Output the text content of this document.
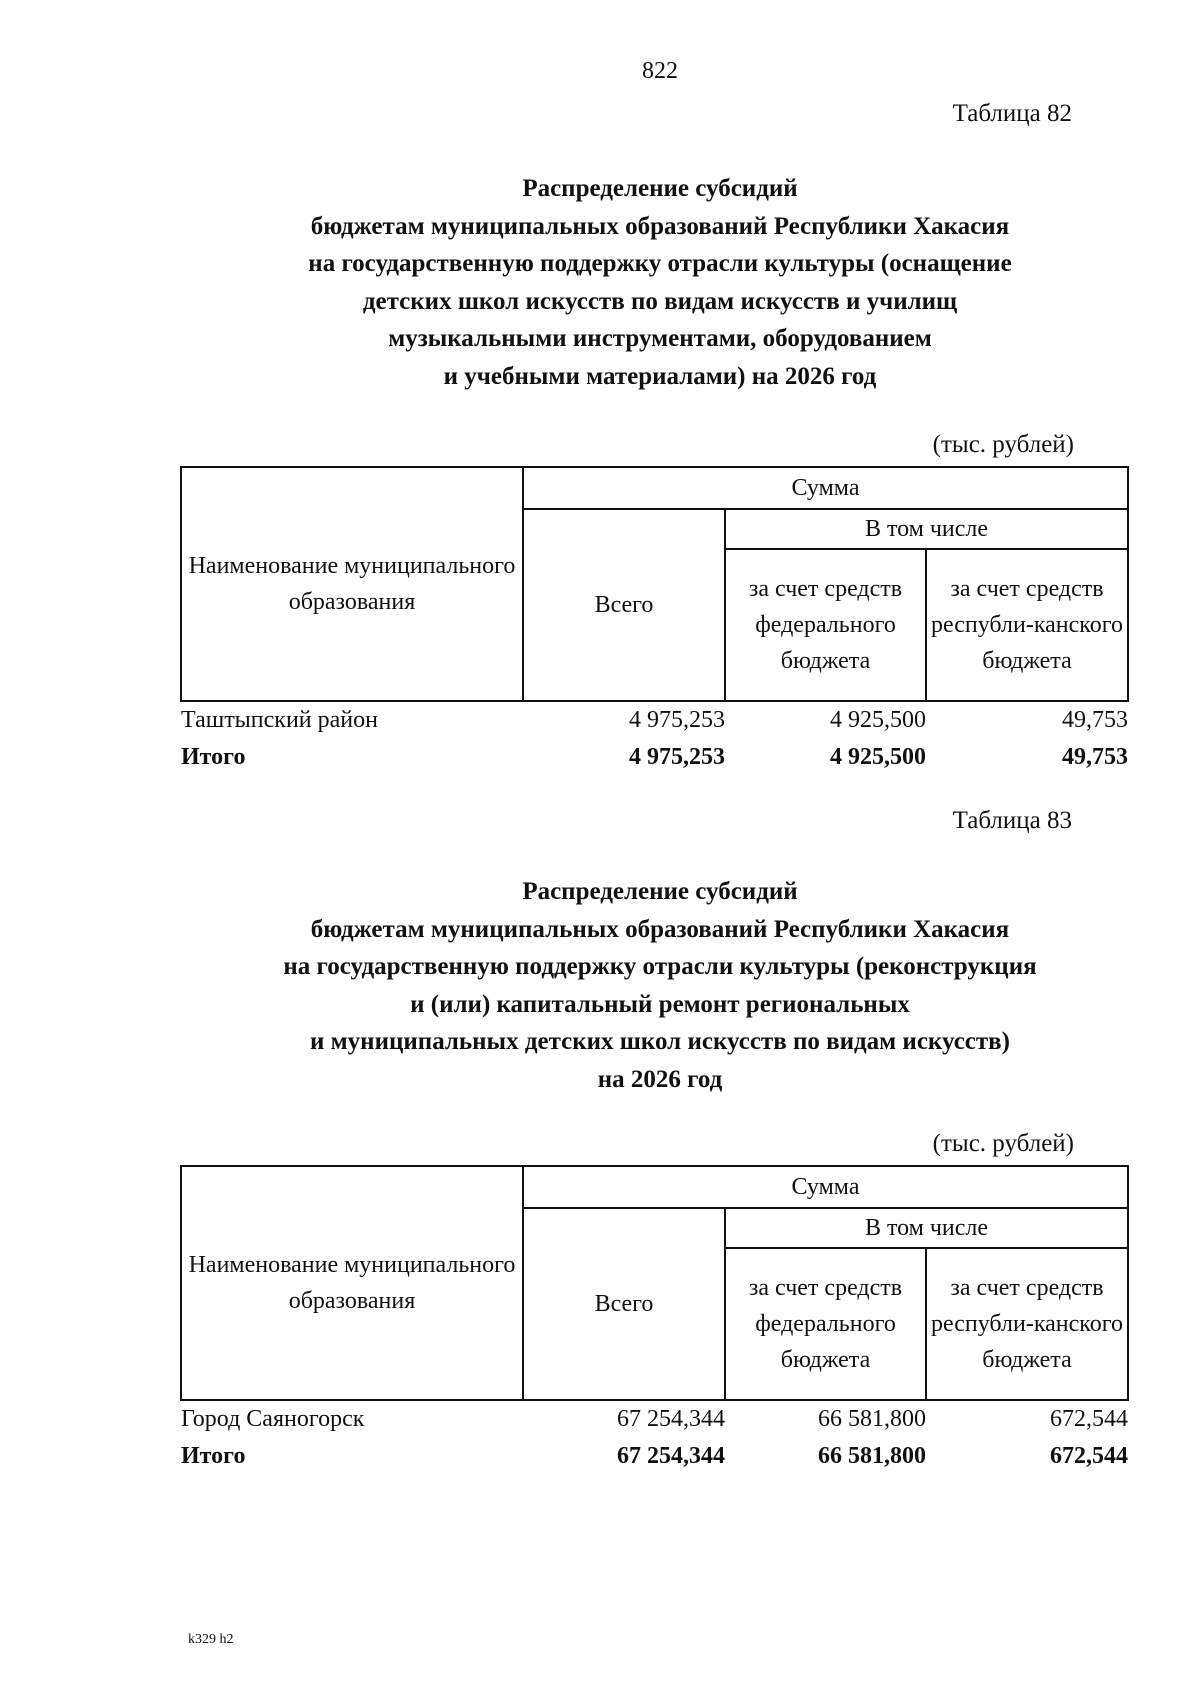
822
Таблица 82
Распределение субсидий
бюджетам муниципальных образований Республики Хакасия
на государственную поддержку отрасли культуры (оснащение
детских школ искусств по видам искусств и училищ
музыкальными инструментами, оборудованием
и учебными материалами) на 2026 год
(тыс. рублей)
Наименование муниципального образования	Сумма		
	Всего	В том числе	
		за счет средств федерального бюджета	за счет средств республи-канского бюджета
Таштыпский район	4 975,253	4 925,500	49,753
Итого	4 975,253	4 925,500	49,753
Таблица 83
Распределение субсидий
бюджетам муниципальных образований Республики Хакасия
на государственную поддержку отрасли культуры (реконструкция
и (или) капитальный ремонт региональных
и муниципальных детских школ искусств по видам искусств)
на 2026 год
(тыс. рублей)
Наименование муниципального образования	Сумма		
	Всего	В том числе	
		за счет средств федерального бюджета	за счет средств республи-канского бюджета
Город Саяногорск	67 254,344	66 581,800	672,544
Итого	67 254,344	66 581,800	672,544
k329 h2
